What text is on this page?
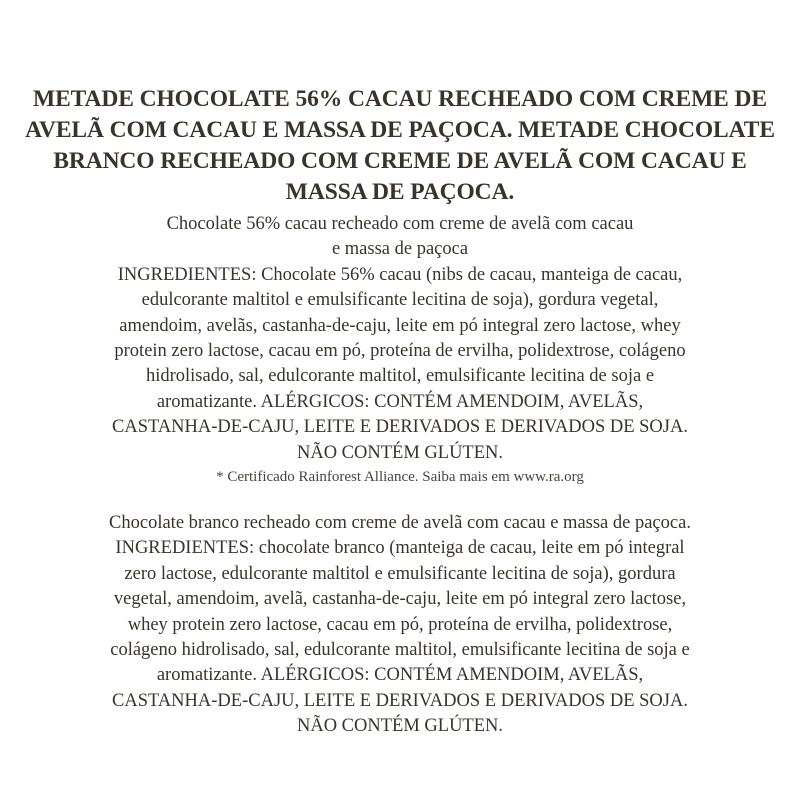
METADE CHOCOLATE 56% CACAU RECHEADO COM CREME DE
AVELÃ COM CACAU E MASSA DE PAÇOCA. METADE CHOCOLATE
BRANCO RECHEADO COM CREME DE AVELÃ COM CACAU E
MASSA DE PAÇOCA.
Chocolate 56% cacau recheado com creme de avelã com cacau
e massa de paçoca
INGREDIENTES: Chocolate 56% cacau (nibs de cacau, manteiga de cacau,
edulcorante maltitol e emulsificante lecitina de soja), gordura vegetal,
amendoim, avelãs, castanha-de-caju, leite em pó integral zero lactose, whey
protein zero lactose, cacau em pó, proteína de ervilha, polidextrose, colágeno
hidrolisado, sal, edulcorante maltitol, emulsificante lecitina de soja e
aromatizante. ALÉRGICOS: CONTÉM AMENDOIM, AVELÃS,
CASTANHA-DE-CAJU, LEITE E DERIVADOS E DERIVADOS DE SOJA.
NÃO CONTÉM GLÚTEN.
* Certificado Rainforest Alliance. Saiba mais em www.ra.org
Chocolate branco recheado com creme de avelã com cacau e massa de paçoca.
INGREDIENTES: chocolate branco (manteiga de cacau, leite em pó integral
zero lactose, edulcorante maltitol e emulsificante lecitina de soja), gordura
vegetal, amendoim, avelã, castanha-de-caju, leite em pó integral zero lactose,
whey protein zero lactose, cacau em pó, proteína de ervilha, polidextrose,
colágeno hidrolisado, sal, edulcorante maltitol, emulsificante lecitina de soja e
aromatizante. ALÉRGICOS: CONTÉM AMENDOIM, AVELÃS,
CASTANHA-DE-CAJU, LEITE E DERIVADOS E DERIVADOS DE SOJA.
NÃO CONTÉM GLÚTEN.
